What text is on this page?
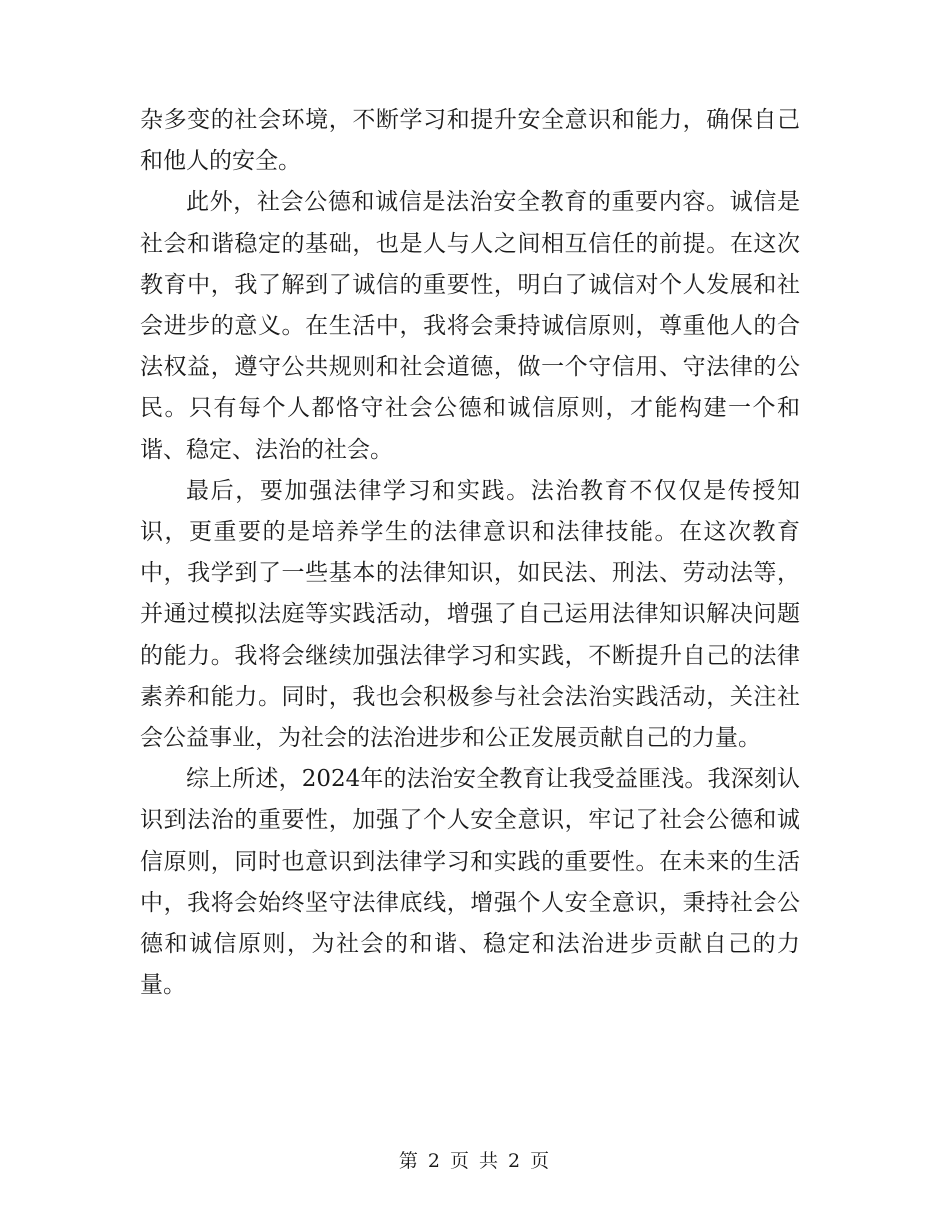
杂多变的社会环境，不断学习和提升安全意识和能力，确保自己和他人的安全。

此外，社会公德和诚信是法治安全教育的重要内容。诚信是社会和谐稳定的基础，也是人与人之间相互信任的前提。在这次教育中，我了解到了诚信的重要性，明白了诚信对个人发展和社会进步的意义。在生活中，我将会秉持诚信原则，尊重他人的合法权益，遵守公共规则和社会道德，做一个守信用、守法律的公民。只有每个人都恪守社会公德和诚信原则，才能构建一个和谐、稳定、法治的社会。

最后，要加强法律学习和实践。法治教育不仅仅是传授知识，更重要的是培养学生的法律意识和法律技能。在这次教育中，我学到了一些基本的法律知识，如民法、刑法、劳动法等，并通过模拟法庭等实践活动，增强了自己运用法律知识解决问题的能力。我将会继续加强法律学习和实践，不断提升自己的法律素养和能力。同时，我也会积极参与社会法治实践活动，关注社会公益事业，为社会的法治进步和公正发展贡献自己的力量。

综上所述，2024年的法治安全教育让我受益匪浅。我深刻认识到法治的重要性，加强了个人安全意识，牢记了社会公德和诚信原则，同时也意识到法律学习和实践的重要性。在未来的生活中，我将会始终坚守法律底线，增强个人安全意识，秉持社会公德和诚信原则，为社会的和谐、稳定和法治进步贡献自己的力量。

第 2 页 共 2 页
